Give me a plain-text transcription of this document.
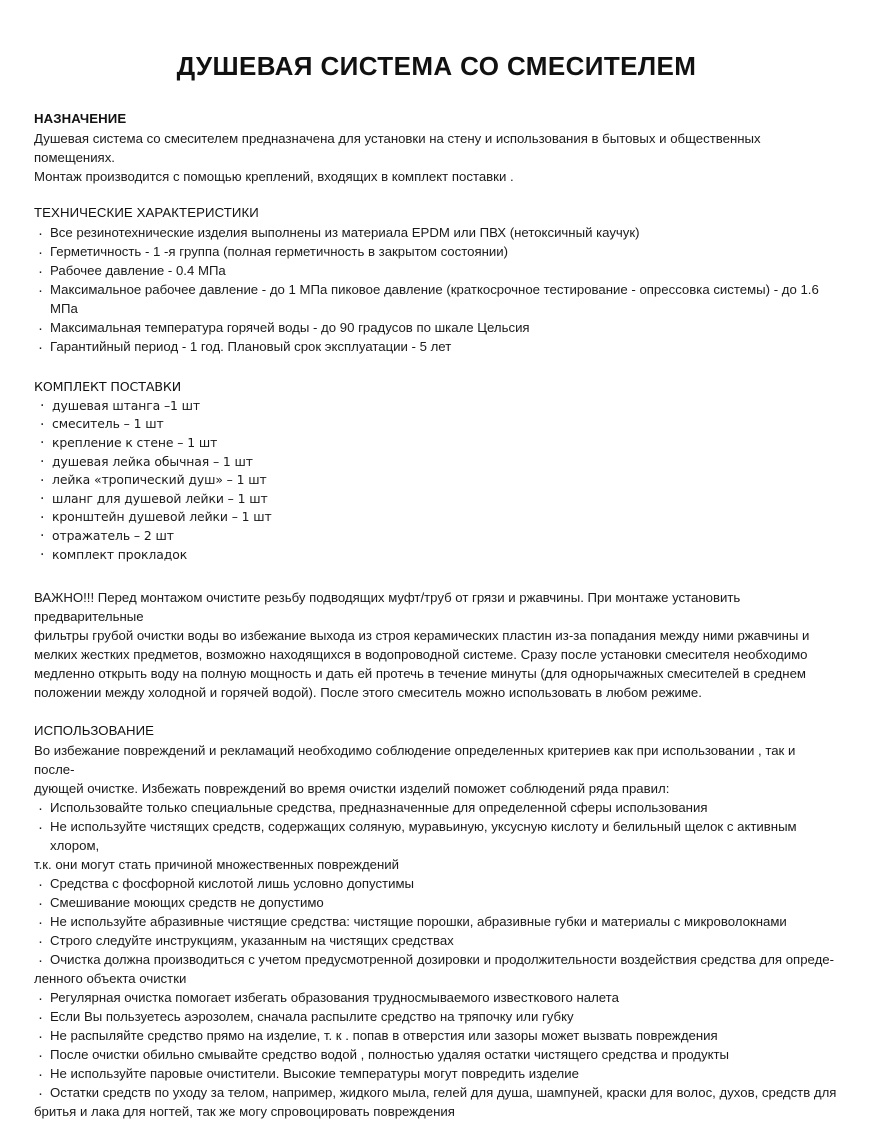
ДУШЕВАЯ СИСТЕМА СО СМЕСИТЕЛЕМ
НАЗНАЧЕНИЕ

Душевая система со смесителем предназначена для установки на стену и использования в бытовых и общественных помещениях.

Монтаж производится с помощью креплений, входящих в комплект поставки .

ТЕХНИЧЕСКИЕ ХАРАКТЕРИСТИКИ
· Все резинотехнические изделия выполнены из материала EPDM или ПВХ (нетоксичный каучук)
· Герметичность - 1 -я группа (полная герметичность в закрытом состоянии)
· Рабочее давление - 0.4 МПа
· Максимальное рабочее давление - до 1 МПа пиковое давление (краткосрочное тестирование - опрессовка системы) - до 1.6 МПа
· Максимальная температура горячей воды - до 90 градусов по шкале Цельсия
· Гарантийный период - 1 год. Плановый срок эксплуатации - 5 лет
КОМПЛЕКТ ПОСТАВКИ
· душевая штанга –1 шт
· смеситель – 1 шт
· крепление к стене – 1 шт
· душевая лейка обычная – 1 шт
· лейка «тропический душ» – 1 шт
· шланг для душевой лейки – 1 шт
· кронштейн душевой лейки – 1 шт
· отражатель – 2 шт
· комплект прокладок

ВАЖНО!!! Перед монтажом очистите резьбу подводящих муфт/труб от грязи и ржавчины. При монтаже установить предварительные

фильтры грубой очистки воды во избежание выхода из строя керамических пластин из-за попадания между ними ржавчины и

мелких жестких предметов, возможно находящихся в водопроводной системе. Сразу после установки смесителя необходимо

медленно открыть воду на полную мощность и дать ей протечь в течение минуты (для однорычажных смесителей в среднем

положении между холодной и горячей водой). После этого смеситель можно использовать в любом режиме.

ИСПОЛЬЗОВАНИЕ

Во избежание повреждений и рекламаций необходимо соблюдение определенных критериев как при использовании , так и после-

дующей очистке. Избежать повреждений во время очистки изделий поможет соблюдений ряда правил:

· Использовайте только специальные средства, предназначенные для определенной сферы использования
· Не используйте чистящих средств, содержащих соляную, муравьиную, уксусную кислоту и белильный щелок с активным хлором,
т.к. они могут стать причиной множественных повреждений
· Средства с фосфорной кислотой лишь условно допустимы
· Смешивание моющих средств не допустимо
· Не используйте абразивные чистящие средства: чистящие порошки, абразивные губки и материалы с микроволокнами
· Строго следуйте инструкциям, указанным на чистящих средствах
· Очистка должна производиться с учетом предусмотренной дозировки и продолжительности воздействия средства для опреде-
ленного объекта очистки
· Регулярная очистка помогает избегать образования трудносмываемого известкового налета
· Если Вы пользуетесь аэрозолем, сначала распылите средство на тряпочку или губку
· Не распыляйте средство прямо на изделие, т. к . попав в отверстия или зазоры может вызвать повреждения
· После очистки обильно смывайте средство водой , полностью удаляя остатки чистящего средства и продукты
· Не используйте паровые очистители. Высокие температуры могут повредить изделие
· Остатки средств по уходу за телом, например, жидкого мыла, гелей для душа, шампуней, краски для волос, духов, средств для
бритья и лака для ногтей, так же могу спровоцировать повреждения
